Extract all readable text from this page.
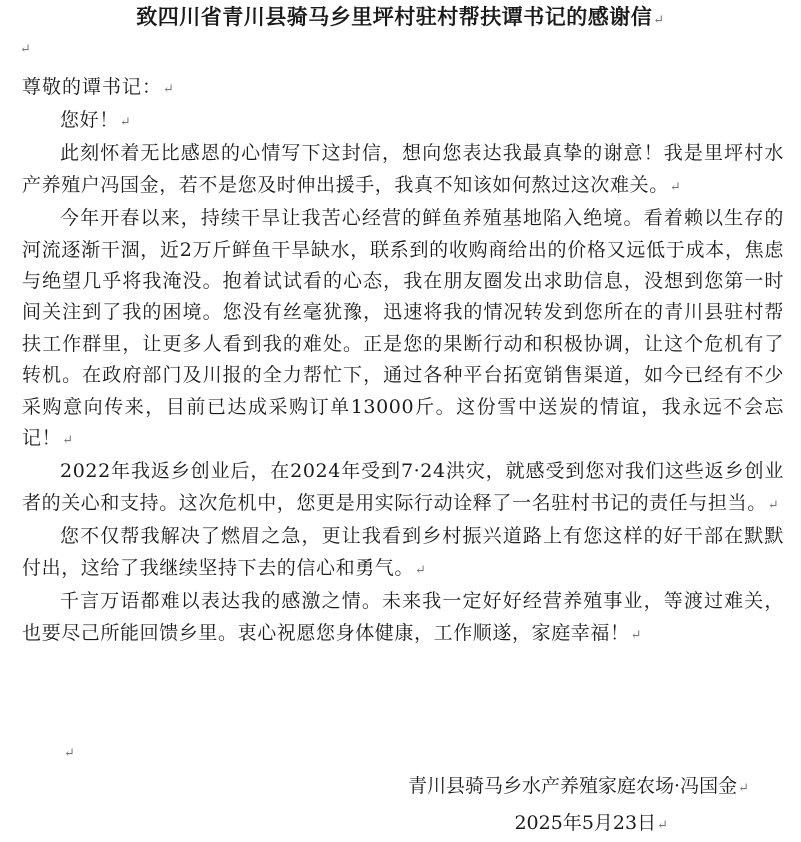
致四川省青川县骑马乡里坪村驻村帮扶谭书记的感谢信↵
↵
尊敬的谭书记：↵

您好！↵

此刻怀着无比感恩的心情写下这封信，想向您表达我最真挚的谢意！我是里坪村水产养殖户冯国金，若不是您及时伸出援手，我真不知该如何熬过这次难关。↵

今年开春以来，持续干旱让我苦心经营的鲜鱼养殖基地陷入绝境。看着赖以生存的河流逐渐干涸，近2万斤鲜鱼干旱缺水，联系到的收购商给出的价格又远低于成本，焦虑与绝望几乎将我淹没。抱着试试看的心态，我在朋友圈发出求助信息，没想到您第一时间关注到了我的困境。您没有丝毫犹豫，迅速将我的情况转发到您所在的青川县驻村帮扶工作群里，让更多人看到我的难处。正是您的果断行动和积极协调，让这个危机有了转机。在政府部门及川报的全力帮忙下，通过各种平台拓宽销售渠道，如今已经有不少采购意向传来，目前已达成采购订单13000斤。这份雪中送炭的情谊，我永远不会忘记！↵

2022年我返乡创业后，在2024年受到7·24洪灾，就感受到您对我们这些返乡创业者的关心和支持。这次危机中，您更是用实际行动诠释了一名驻村书记的责任与担当。↵

您不仅帮我解决了燃眉之急，更让我看到乡村振兴道路上有您这样的好干部在默默付出，这给了我继续坚持下去的信心和勇气。↵

千言万语都难以表达我的感激之情。未来我一定好好经营养殖事业，等渡过难关，也要尽己所能回馈乡里。衷心祝愿您身体健康，工作顺遂，家庭幸福！↵

↵
青川县骑马乡水产养殖家庭农场·冯国金↵
2025年5月23日↵
